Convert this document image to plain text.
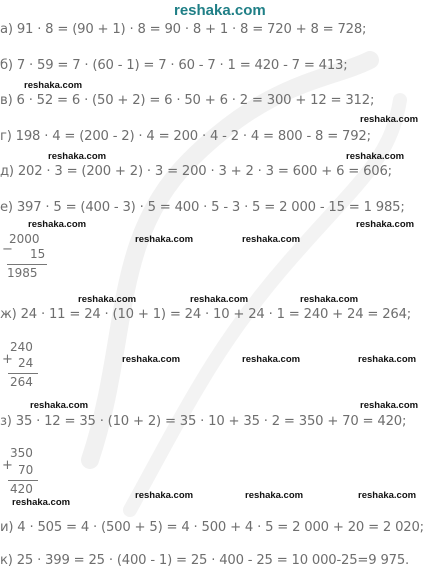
reshaka.com
а) 91 · 8 = (90 + 1) · 8 = 90 · 8 + 1 · 8 = 720 + 8 = 728;
б) 7 · 59 = 7 · (60 - 1) = 7 · 60 - 7 · 1 = 420 - 7 = 413;
в) 6 · 52 = 6 · (50 + 2) = 6 · 50 + 6 · 2 = 300 + 12 = 312;
г) 198 · 4 = (200 - 2) · 4 = 200 · 4 - 2 · 4 = 800 - 8 = 792;
д) 202 · 3 = (200 + 2) · 3 = 200 · 3 + 2 · 3 = 600 + 6 = 606;
е) 397 · 5 = (400 - 3) · 5 = 400 · 5 - 3 · 5 = 2 000 - 15 = 1 985;
ж) 24 · 11 = 24 · (10 + 1) = 24 · 10 + 24 · 1 = 240 + 24 = 264;
з) 35 · 12 = 35 · (10 + 2) = 35 · 10 + 35 · 2 = 350 + 70 = 420;
и) 4 · 505 = 4 · (500 + 5) = 4 · 500 + 4 · 5 = 2 000 + 20 = 2 020;
к) 25 · 399 = 25 · (400 - 1) = 25 · 400 - 25 = 10 000-25=9 975.
−
2000
15
1985
+
240
24
264
+
350
70
420
reshaka.com
reshaka.com
reshaka.com	reshaka.com
reshaka.com	reshaka.com
reshaka.com	reshaka.com
reshaka.com	reshaka.com	reshaka.com
reshaka.com	reshaka.com	reshaka.com
reshaka.com	reshaka.com
reshaka.com
reshaka.com	reshaka.com	reshaka.com
